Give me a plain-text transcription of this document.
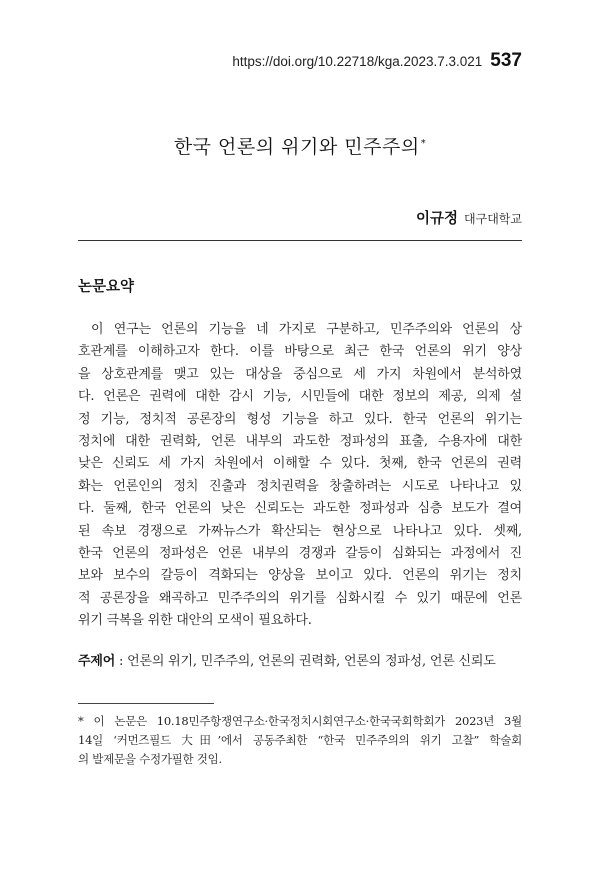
https://doi.org/10.22718/kga.2023.7.3.021 537
한국 언론의 위기와 민주주의*
이규정 대구대학교
논문요약
이 연구는 언론의 기능을 네 가지로 구분하고, 민주주의와 언론의 상
호관계를 이해하고자 한다. 이를 바탕으로 최근 한국 언론의 위기 양상
을 상호관계를 맺고 있는 대상을 중심으로 세 가지 차원에서 분석하였
다. 언론은 권력에 대한 감시 기능, 시민들에 대한 정보의 제공, 의제 설
정 기능, 정치적 공론장의 형성 기능을 하고 있다. 한국 언론의 위기는
정치에 대한 권력화, 언론 내부의 과도한 정파성의 표출, 수용자에 대한
낮은 신뢰도 세 가지 차원에서 이해할 수 있다. 첫째, 한국 언론의 권력
화는 언론인의 정치 진출과 정치권력을 창출하려는 시도로 나타나고 있
다. 둘째, 한국 언론의 낮은 신뢰도는 과도한 정파성과 심층 보도가 결여
된 속보 경쟁으로 가짜뉴스가 확산되는 현상으로 나타나고 있다. 셋째,
한국 언론의 정파성은 언론 내부의 경쟁과 갈등이 심화되는 과정에서 진
보와 보수의 갈등이 격화되는 양상을 보이고 있다. 언론의 위기는 정치
적 공론장을 왜곡하고 민주주의의 위기를 심화시킬 수 있기 때문에 언론
위기 극복을 위한 대안의 모색이 필요하다.
주제어 : 언론의 위기, 민주주의, 언론의 권력화, 언론의 정파성, 언론 신뢰도
* 이 논문은 10.18민주항쟁연구소·한국정치시회연구소·한국국회학회가 2023년 3월
14일 ‘커먼즈필드 大田’에서 공동주최한 “한국 민주주의의 위기 고찰” 학술회
의 발제문을 수정가필한 것임.
